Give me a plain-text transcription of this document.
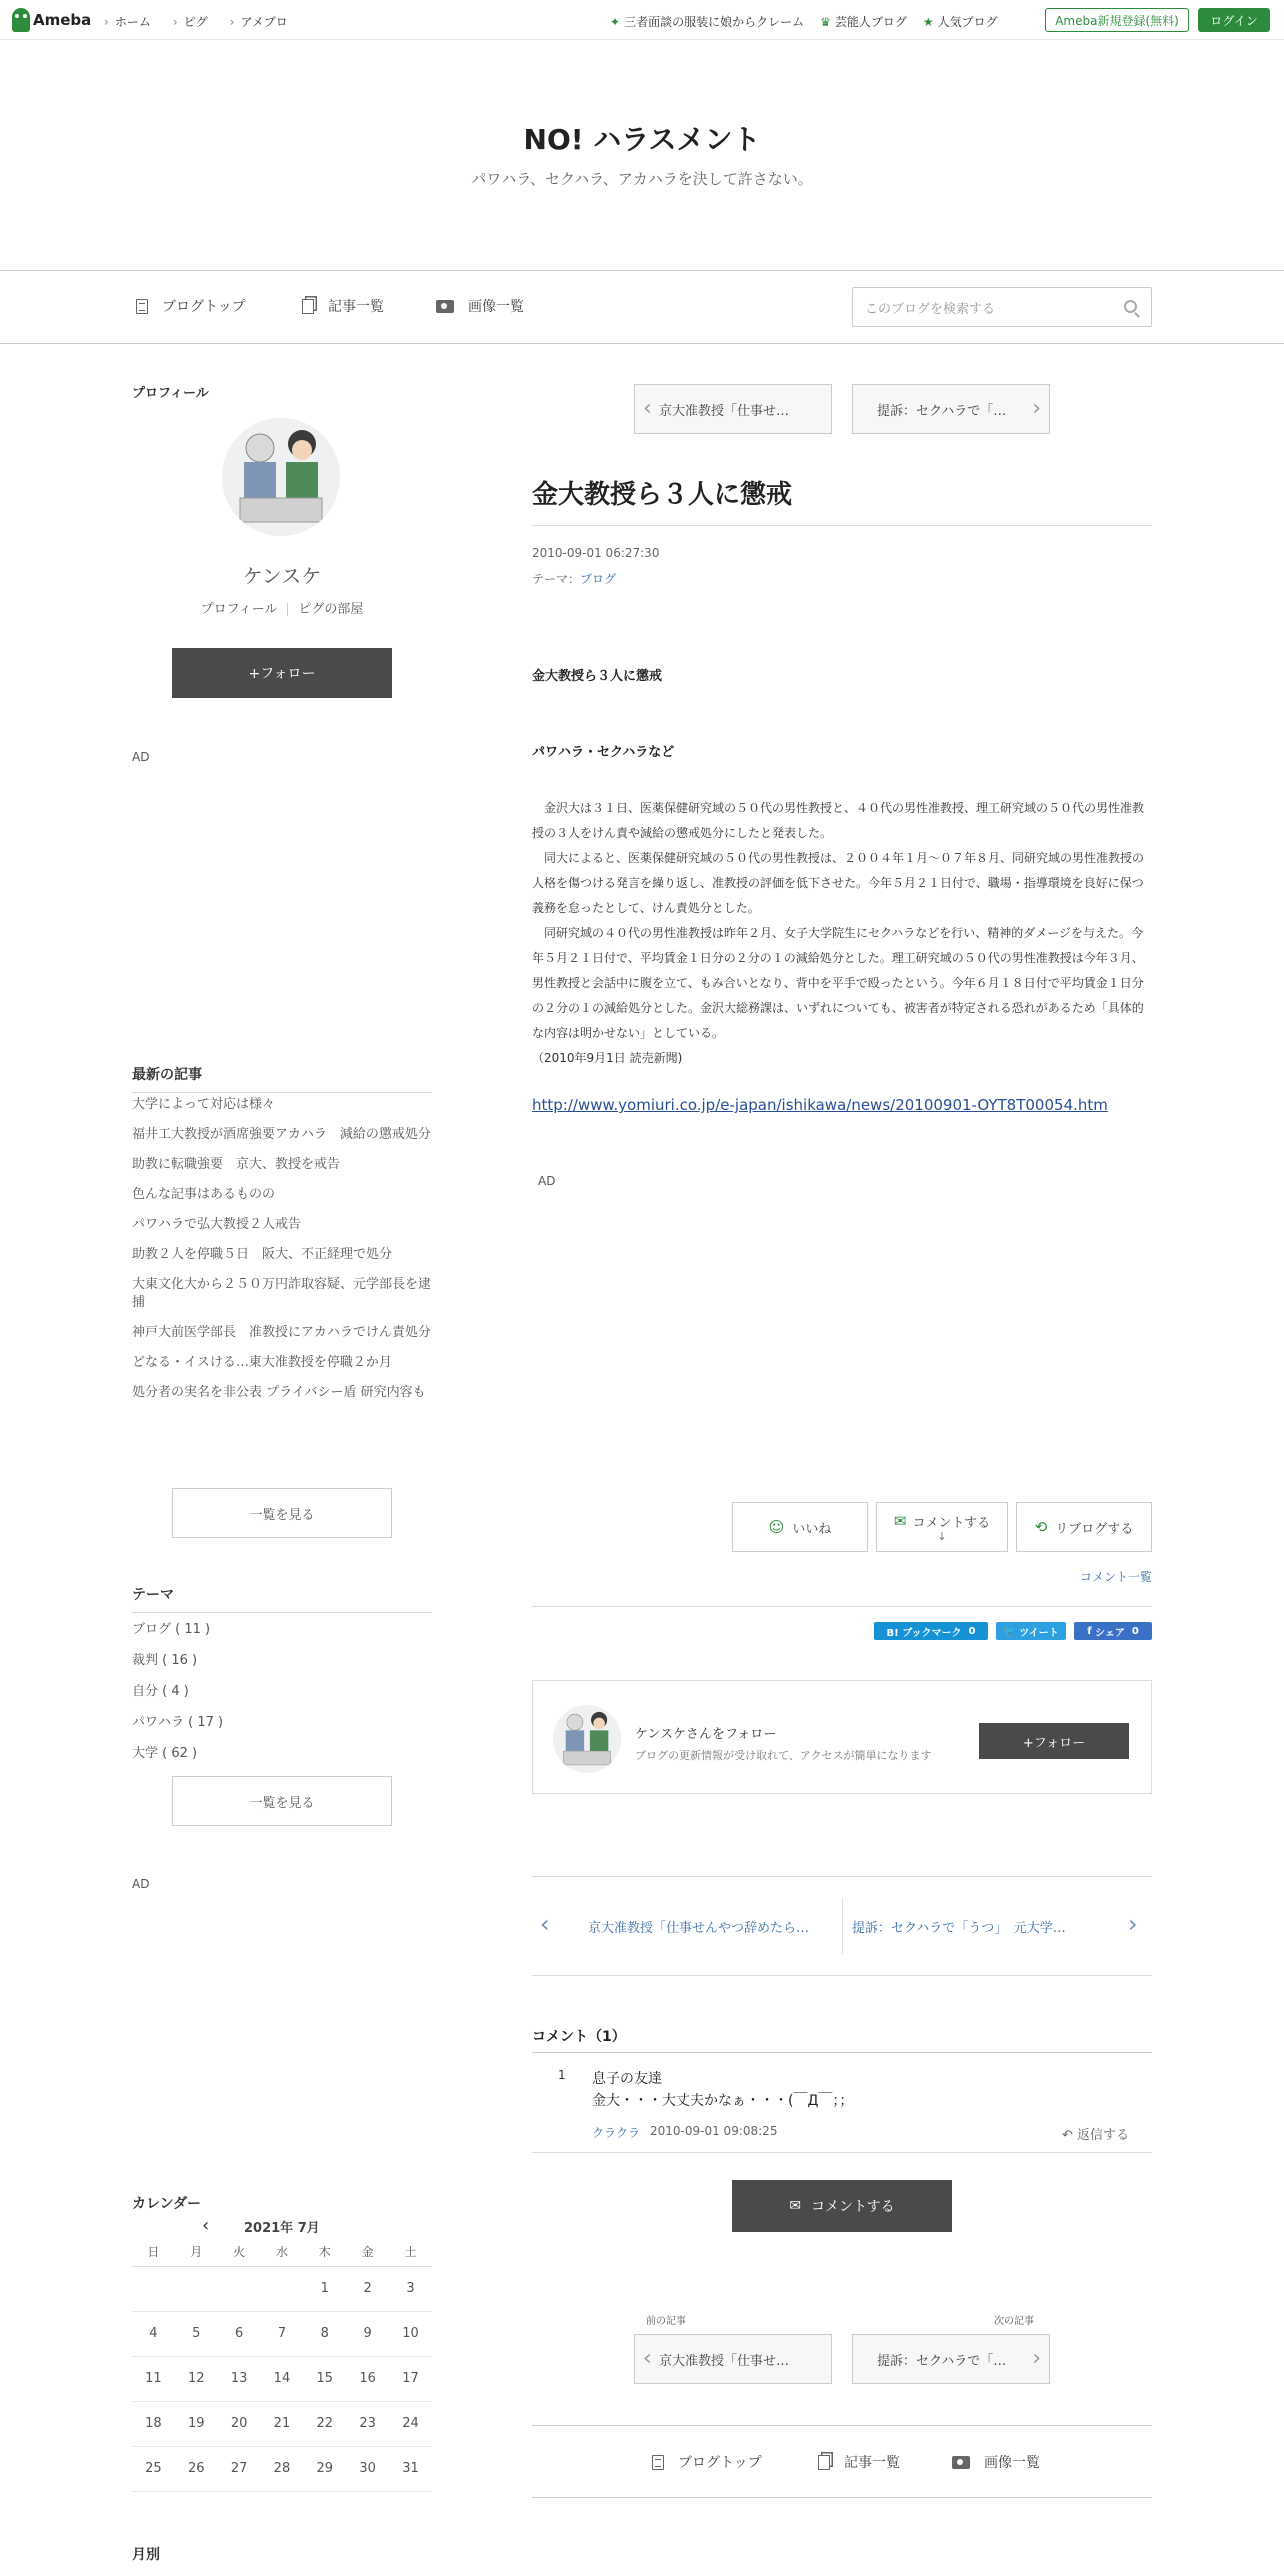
Ameba	› ホーム	› ピグ	› アメブロ	✦ 三者面談の服装に娘からクレーム ♛ 芸能人ブログ ★ 人気ブログ	Ameba新規登録(無料)	ログイン
NO! ハラスメント
パワハラ、セクハラ、アカハラを決して許さない。
ブログトップ	記事一覧	画像一覧	このブログを検索する
プロフィール
ケンスケ
プロフィール ピグの部屋
+フォロー
AD
最新の記事
大学によって対応は様々
福井工大教授が酒席強要アカハラ　減給の懲戒処分
助教に転職強要　京大、教授を戒告
色んな記事はあるものの
パワハラで弘大教授２人戒告
助教２人を停職５日　阪大、不正経理で処分
大東文化大から２５０万円詐取容疑、元学部長を逮捕
神戸大前医学部長　准教授にアカハラでけん責処分
どなる・イスける…東大准教授を停職２か月
処分者の実名を非公表 プライバシー盾 研究内容も
一覧を見る
テーマ
ブログ ( 11 )
裁判 ( 16 )
自分 ( 4 )
パワハラ ( 17 )
大学 ( 62 )
一覧を見る
AD
カレンダー
‹	2021年 7月
日	月	火	水	木	金	土
				1	2	3
4	5	6	7	8	9	10
11	12	13	14	15	16	17
18	19	20	21	22	23	24
25	26	27	28	29	30	31
月別
‹ 京大准教授「仕事せ…	提訴：セクハラで「… ›
金大教授ら３人に懲戒
2010-09-01 06:27:30
テーマ：ブログ
金大教授ら３人に懲戒
パワハラ・セクハラなど

金沢大は３１日、医薬保健研究域の５０代の男性教授と、４０代の男性准教授、理工研究域の５０代の男性准教授の３人をけん責や減給の懲戒処分にしたと発表した。

同大によると、医薬保健研究域の５０代の男性教授は、２００４年１月～０７年８月、同研究域の男性准教授の人格を傷つける発言を繰り返し、准教授の評価を低下させた。今年５月２１日付で、職場・指導環境を良好に保つ義務を怠ったとして、けん責処分とした。

同研究域の４０代の男性准教授は昨年２月、女子大学院生にセクハラなどを行い、精神的ダメージを与えた。今年５月２１日付で、平均賃金１日分の２分の１の減給処分とした。理工研究域の５０代の男性准教授は今年３月、男性教授と会話中に腹を立て、もみ合いとなり、背中を平手で殴ったという。今年６月１８日付で平均賃金１日分の２分の１の減給処分とした。金沢大総務課は、いずれについても、被害者が特定される恐れがあるため「具体的な内容は明かせない」としている。

（2010年9月1日 読売新聞)

http://www.yomiuri.co.jp/e-japan/ishikawa/news/20100901-OYT8T00054.htm
AD
☺ いいね	✉ コメントする
↓	⟲ リブログする
コメント一覧
B! ブックマーク
0	🐦
ツイート	f
シェア
0
ケンスケさんをフォロー
ブログの更新情報が受け取れて、アクセスが簡単になります
+フォロー
‹	京大准教授「仕事せんやつ辞めたら…	提訴：セクハラで「うつ」　元大学…	›
コメント（1）
1 息子の友達
金大・・・大丈夫かなぁ・・・(￣Д￣；；
クラクラ 2010-09-01 09:08:25	↶ 返信する
✉ コメントする
前の記事	次の記事
‹ 京大准教授「仕事せ…	提訴：セクハラで「… ›
ブログトップ	記事一覧	画像一覧
